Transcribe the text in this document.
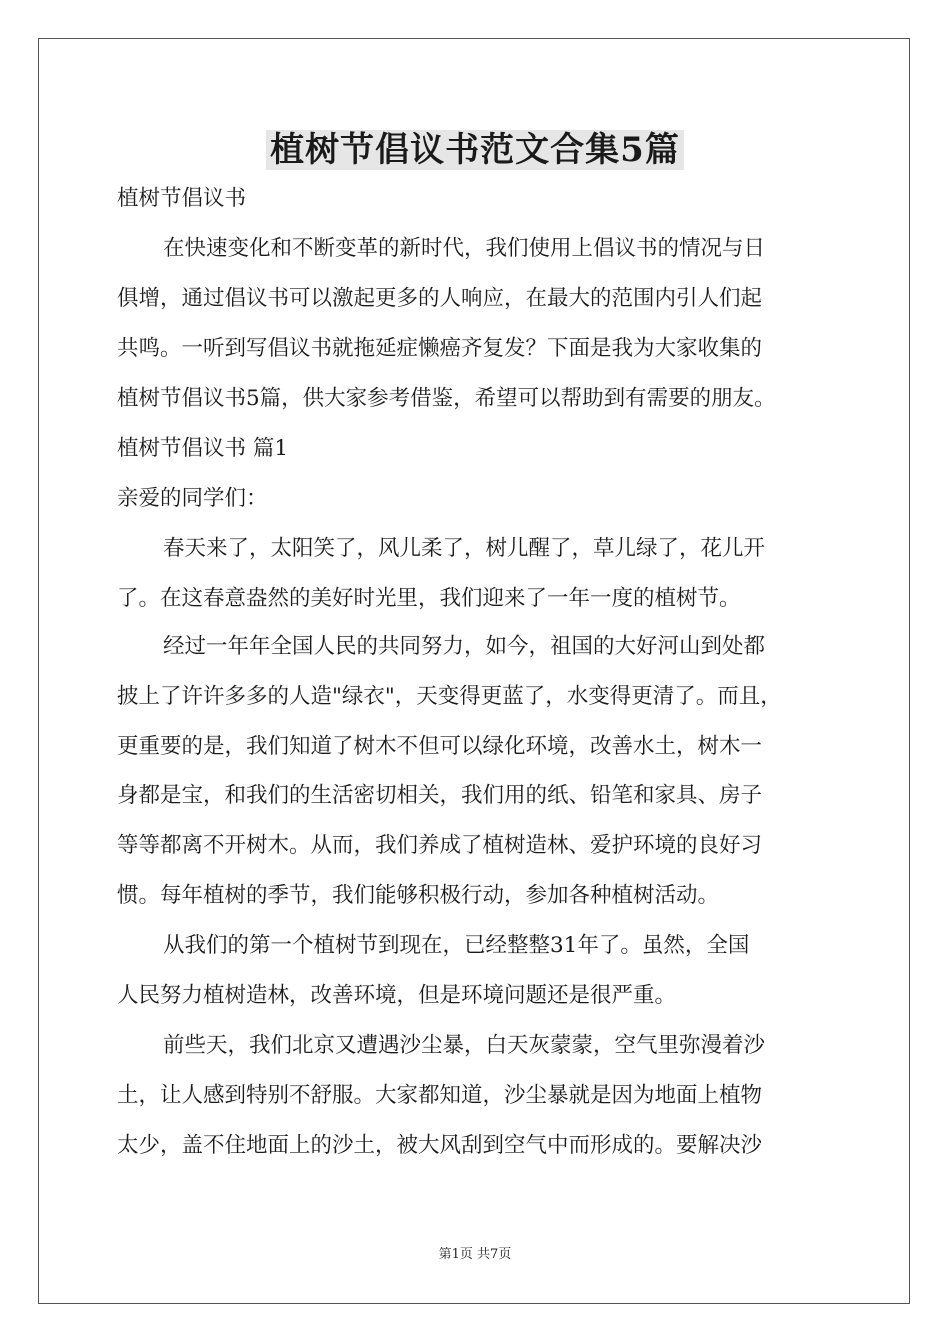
植树节倡议书范文合集5篇
植树节倡议书
在快速变化和不断变革的新时代，我们使用上倡议书的情况与日
俱增，通过倡议书可以激起更多的人响应，在最大的范围内引人们起
共鸣。一听到写倡议书就拖延症懒癌齐复发？下面是我为大家收集的
植树节倡议书5篇，供大家参考借鉴，希望可以帮助到有需要的朋友。
植树节倡议书 篇1
亲爱的同学们：
春天来了，太阳笑了，风儿柔了，树儿醒了，草儿绿了，花儿开
了。在这春意盎然的美好时光里，我们迎来了一年一度的植树节。
经过一年年全国人民的共同努力，如今，祖国的大好河山到处都
披上了许许多多的人造"绿衣"，天变得更蓝了，水变得更清了。而且，
更重要的是，我们知道了树木不但可以绿化环境，改善水土，树木一
身都是宝，和我们的生活密切相关，我们用的纸、铅笔和家具、房子
等等都离不开树木。从而，我们养成了植树造林、爱护环境的良好习
惯。每年植树的季节，我们能够积极行动，参加各种植树活动。
从我们的第一个植树节到现在，已经整整31年了。虽然，全国
人民努力植树造林，改善环境，但是环境问题还是很严重。
前些天，我们北京又遭遇沙尘暴，白天灰蒙蒙，空气里弥漫着沙
土，让人感到特别不舒服。大家都知道，沙尘暴就是因为地面上植物
太少，盖不住地面上的沙土，被大风刮到空气中而形成的。要解决沙
第1页 共7页
